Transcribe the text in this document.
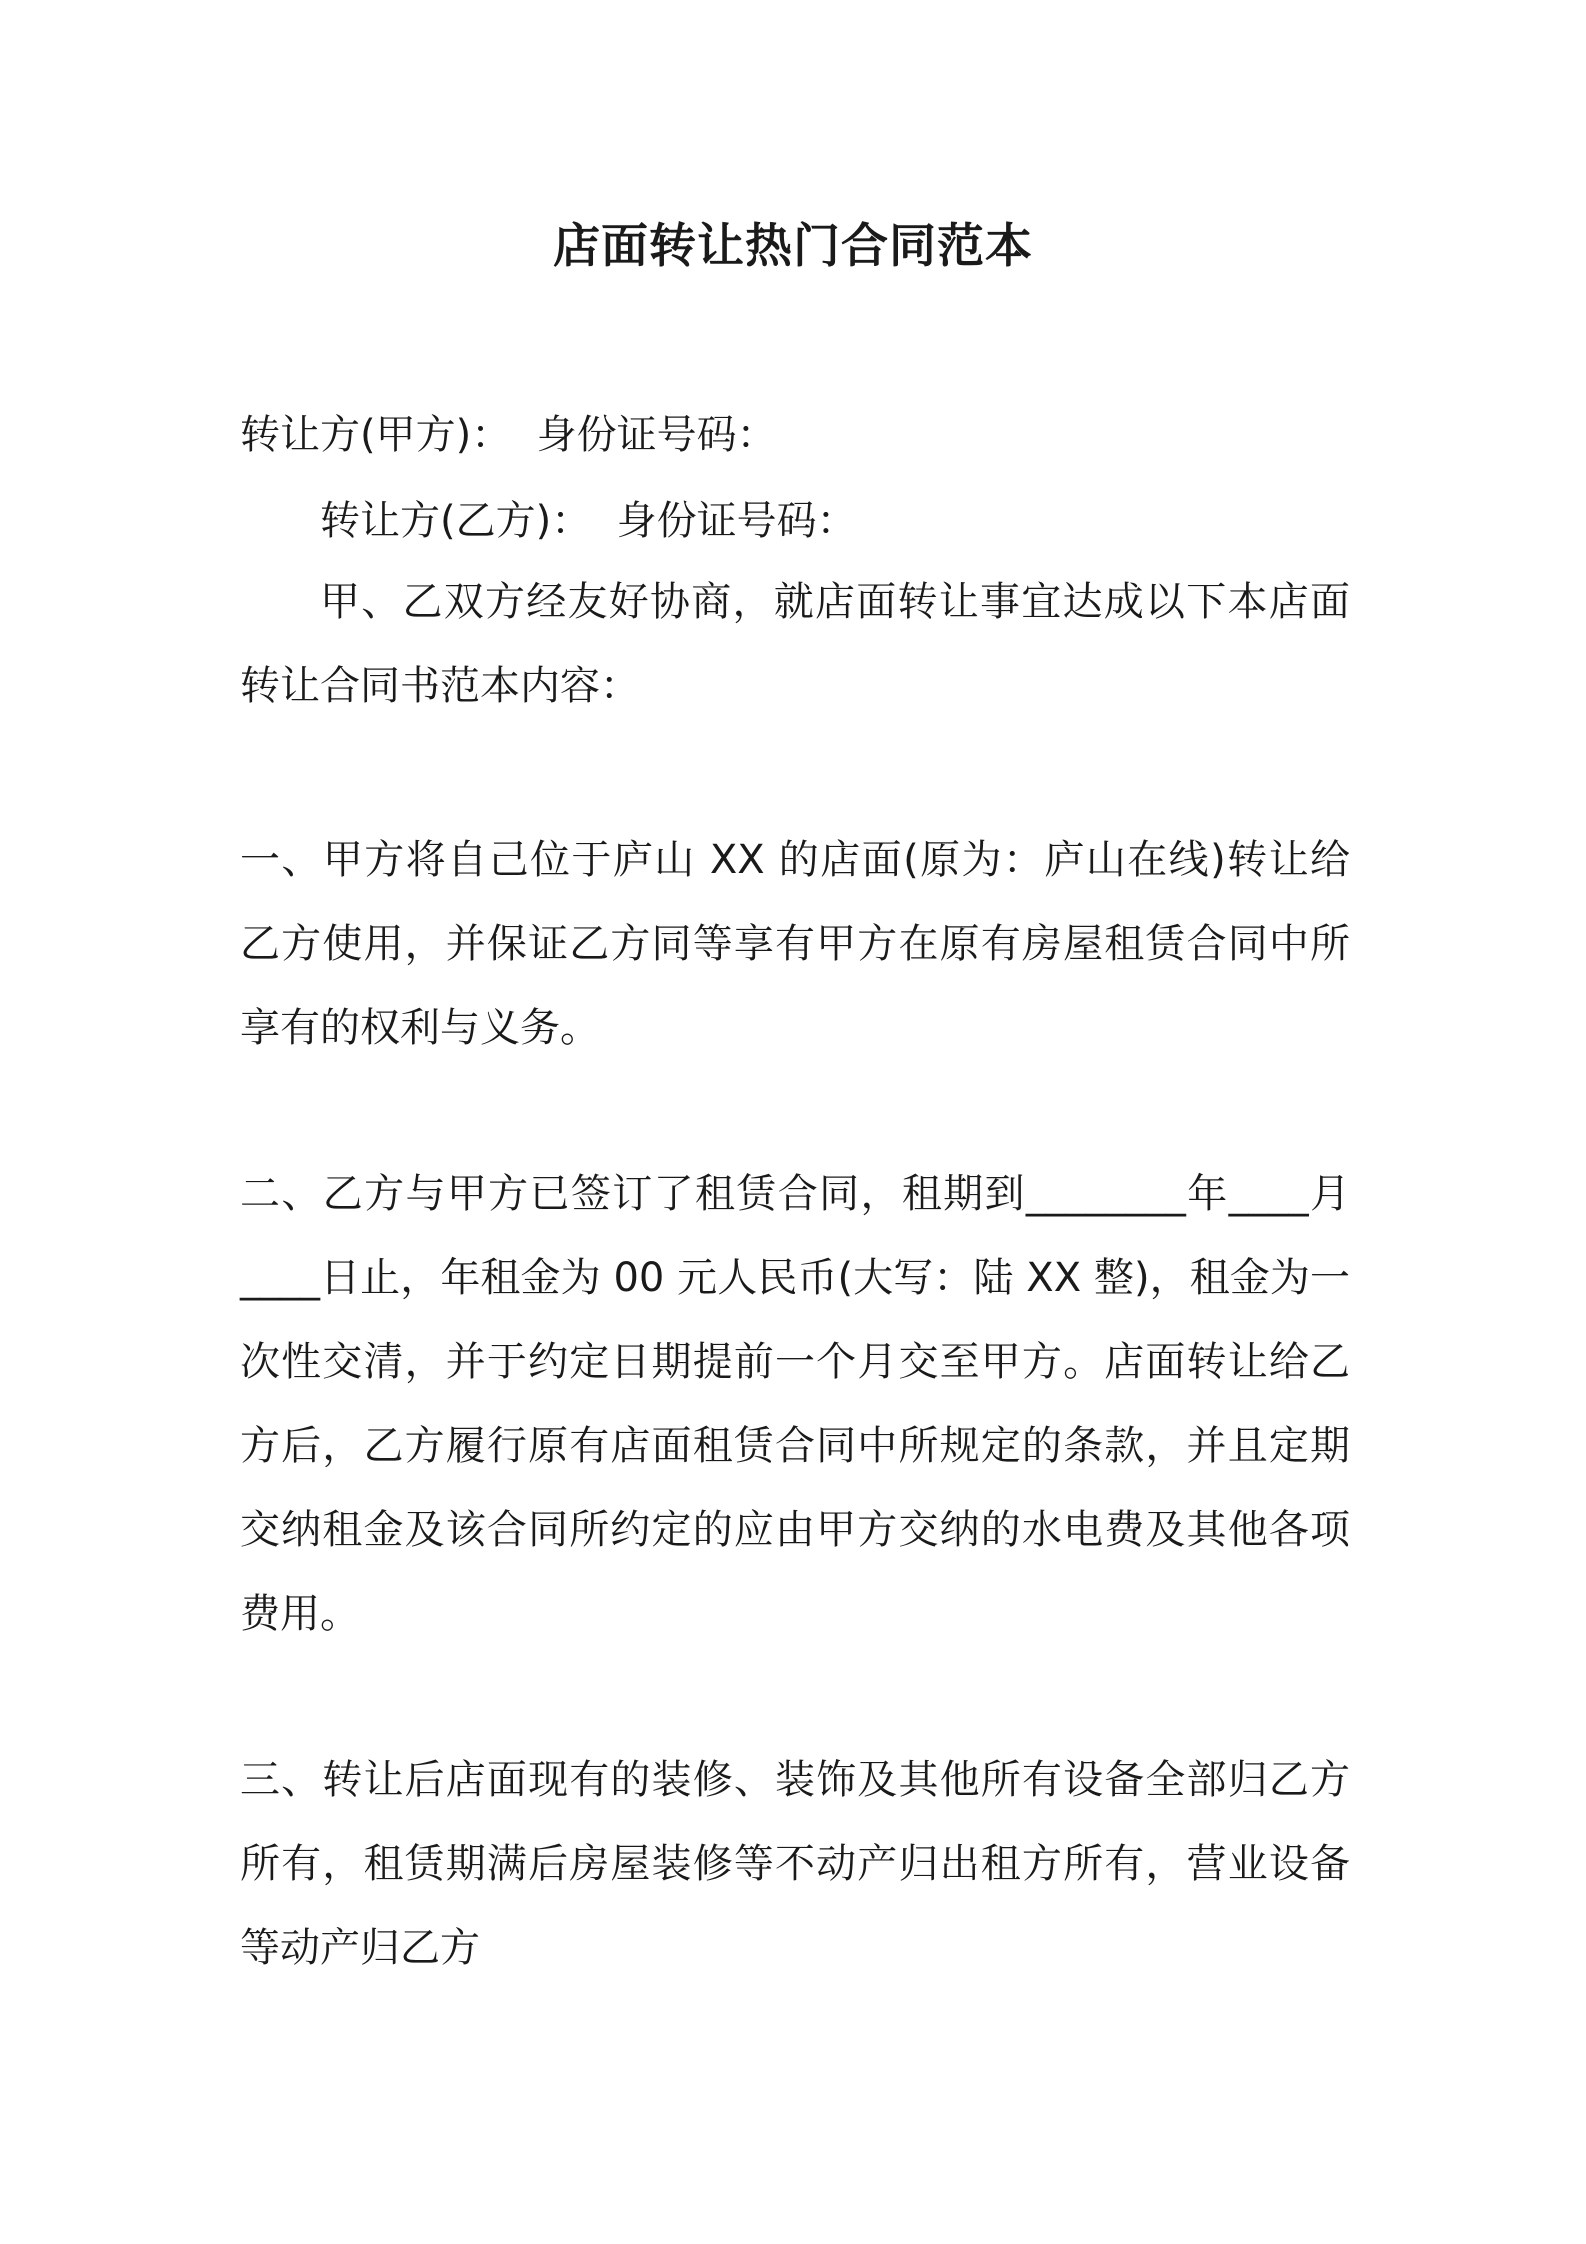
店面转让热门合同范本

转让方(甲方)：  身份证号码：

转让方(乙方)：  身份证号码：

甲、乙双方经友好协商，就店面转让事宜达成以下本店面转让合同书范本内容：

一、甲方将自己位于庐山 XX 的店面(原为：庐山在线)转让给乙方使用，并保证乙方同等享有甲方在原有房屋租赁合同中所享有的权利与义务。

二、乙方与甲方已签订了租赁合同，租期到________年____月____日止，年租金为 00 元人民币(大写：陆 XX 整)，租金为一次性交清，并于约定日期提前一个月交至甲方。店面转让给乙方后，乙方履行原有店面租赁合同中所规定的条款，并且定期交纳租金及该合同所约定的应由甲方交纳的水电费及其他各项费用。

三、转让后店面现有的装修、装饰及其他所有设备全部归乙方所有，租赁期满后房屋装修等不动产归出租方所有，营业设备等动产归乙方
